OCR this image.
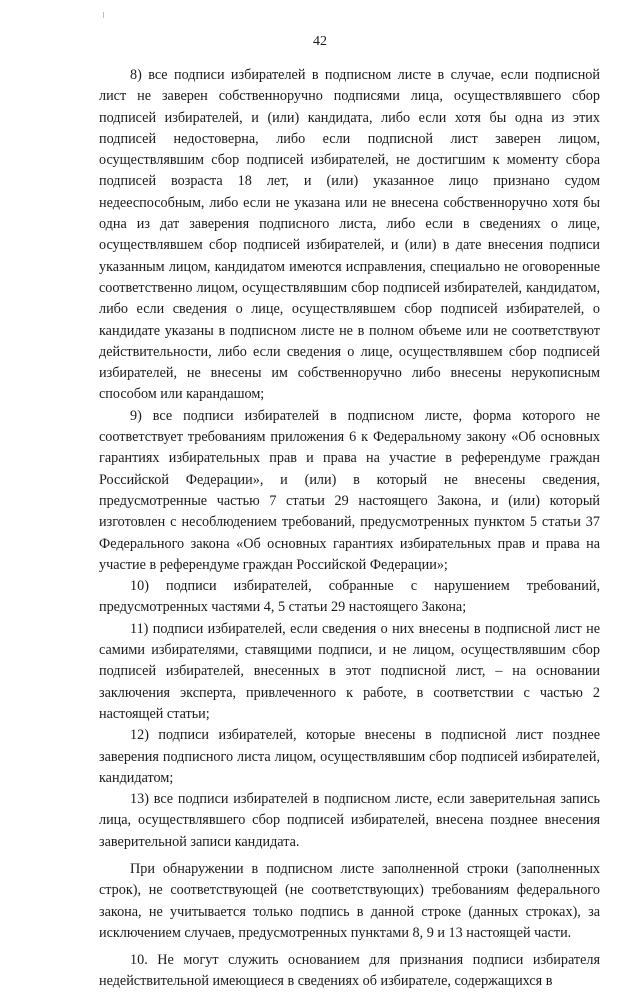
42

8) все подписи избирателей в подписном листе в случае, если подписной лист не заверен собственноручно подписями лица, осуществлявшего сбор подписей избирателей, и (или) кандидата, либо если хотя бы одна из этих подписей недостоверна, либо если подписной лист заверен лицом, осуществлявшим сбор подписей избирателей, не достигшим к моменту сбора подписей возраста 18 лет, и (или) указанное лицо признано судом недееспособным, либо если не указана или не внесена собственноручно хотя бы одна из дат заверения подписного листа, либо если в сведениях о лице, осуществлявшем сбор подписей избирателей, и (или) в дате внесения подписи указанным лицом, кандидатом имеются исправления, специально не оговоренные соответственно лицом, осуществлявшим сбор подписей избирателей, кандидатом, либо если сведения о лице, осуществлявшем сбор подписей избирателей, о кандидате указаны в подписном листе не в полном объеме или не соответствуют действительности, либо если сведения о лице, осуществлявшем сбор подписей избирателей, не внесены им собственноручно либо внесены нерукописным способом или карандашом;

9) все подписи избирателей в подписном листе, форма которого не соответствует требованиям приложения 6 к Федеральному закону «Об основных гарантиях избирательных прав и права на участие в референдуме граждан Российской Федерации», и (или) в который не внесены сведения, предусмотренные частью 7 статьи 29 настоящего Закона, и (или) который изготовлен с несоблюдением требований, предусмотренных пунктом 5 статьи 37 Федерального закона «Об основных гарантиях избирательных прав и права на участие в референдуме граждан Российской Федерации»;

10) подписи избирателей, собранные с нарушением требований, предусмотренных частями 4, 5 статьи 29 настоящего Закона;

11) подписи избирателей, если сведения о них внесены в подписной лист не самими избирателями, ставящими подписи, и не лицом, осуществлявшим сбор подписей избирателей, внесенных в этот подписной лист, – на основании заключения эксперта, привлеченного к работе, в соответствии с частью 2 настоящей статьи;

12) подписи избирателей, которые внесены в подписной лист позднее заверения подписного листа лицом, осуществлявшим сбор подписей избирателей, кандидатом;

13) все подписи избирателей в подписном листе, если заверительная запись лица, осуществлявшего сбор подписей избирателей, внесена позднее внесения заверительной записи кандидата.

При обнаружении в подписном листе заполненной строки (заполненных строк), не соответствующей (не соответствующих) требованиям федерального закона, не учитывается только подпись в данной строке (данных строках), за исключением случаев, предусмотренных пунктами 8, 9 и 13 настоящей части.

10. Не могут служить основанием для признания подписи избирателя недействительной имеющиеся в сведениях об избирателе, содержащихся в
